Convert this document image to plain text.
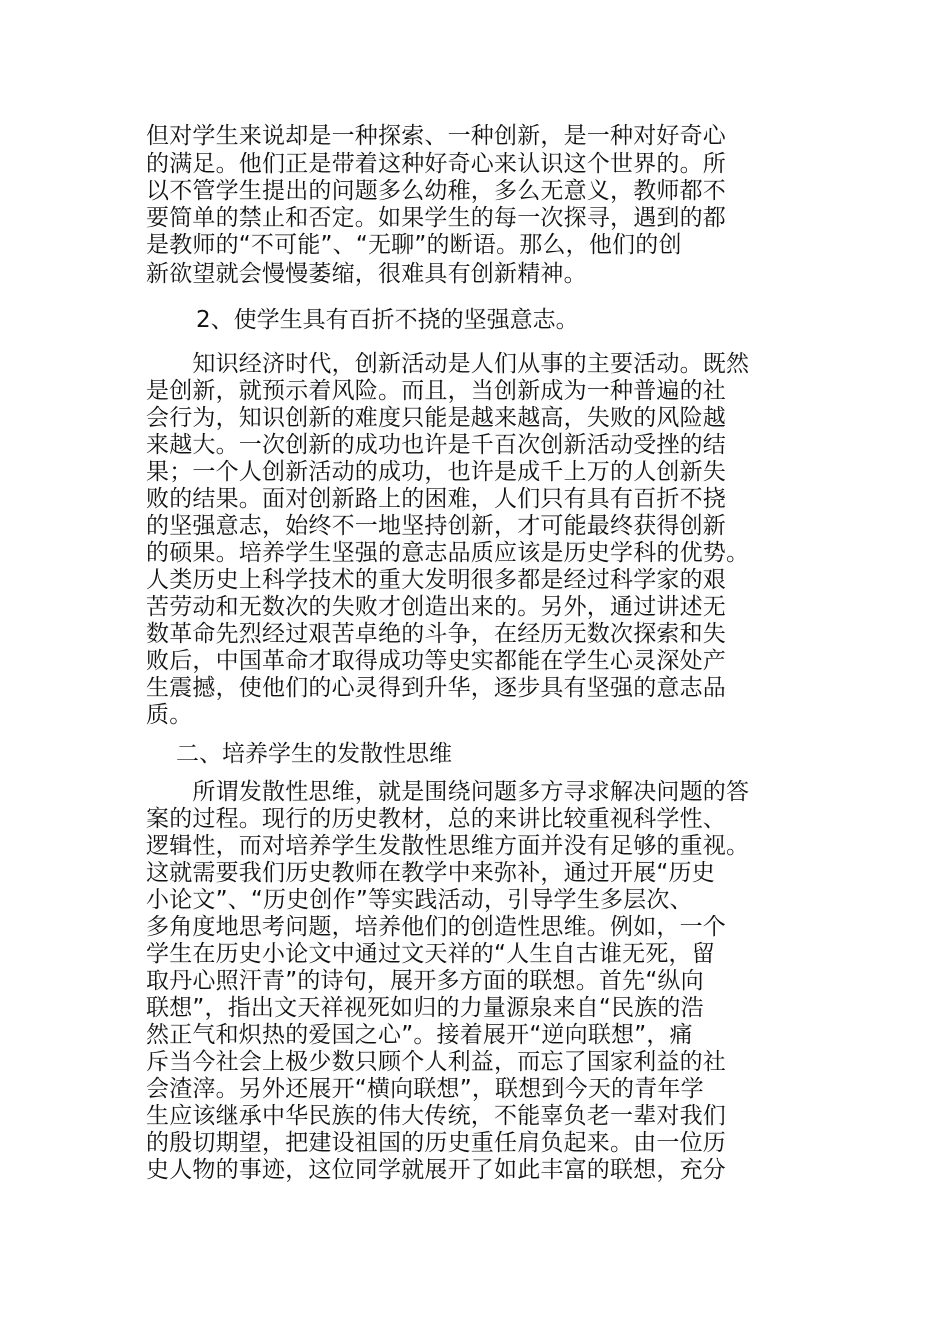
但对学生来说却是一种探索、一种创新，是一种对好奇心
的满足。他们正是带着这种好奇心来认识这个世界的。所
以不管学生提出的问题多么幼稚，多么无意义，教师都不
要简单的禁止和否定。如果学生的每一次探寻，遇到的都
是教师的“不可能”、“无聊”的断语。那么，他们的创
新欲望就会慢慢萎缩，很难具有创新精神。
2、使学生具有百折不挠的坚强意志。
　　知识经济时代，创新活动是人们从事的主要活动。既然
是创新，就预示着风险。而且，当创新成为一种普遍的社
会行为，知识创新的难度只能是越来越高，失败的风险越
来越大。一次创新的成功也许是千百次创新活动受挫的结
果；一个人创新活动的成功，也许是成千上万的人创新失
败的结果。面对创新路上的困难，人们只有具有百折不挠
的坚强意志，始终不一地坚持创新，才可能最终获得创新
的硕果。培养学生坚强的意志品质应该是历史学科的优势。
人类历史上科学技术的重大发明很多都是经过科学家的艰
苦劳动和无数次的失败才创造出来的。另外，通过讲述无
数革命先烈经过艰苦卓绝的斗争，在经历无数次探索和失
败后，中国革命才取得成功等史实都能在学生心灵深处产
生震撼，使他们的心灵得到升华，逐步具有坚强的意志品
质。
二、培养学生的发散性思维
　　所谓发散性思维，就是围绕问题多方寻求解决问题的答
案的过程。现行的历史教材，总的来讲比较重视科学性、
逻辑性，而对培养学生发散性思维方面并没有足够的重视。
这就需要我们历史教师在教学中来弥补，通过开展“历史
小论文”、“历史创作”等实践活动，引导学生多层次、
多角度地思考问题，培养他们的创造性思维。例如，一个
学生在历史小论文中通过文天祥的“人生自古谁无死，留
取丹心照汗青”的诗句，展开多方面的联想。首先“纵向
联想”，指出文天祥视死如归的力量源泉来自“民族的浩
然正气和炽热的爱国之心”。接着展开“逆向联想”，痛
斥当今社会上极少数只顾个人利益，而忘了国家利益的社
会渣滓。另外还展开“横向联想”，联想到今天的青年学
生应该继承中华民族的伟大传统，不能辜负老一辈对我们
的殷切期望，把建设祖国的历史重任肩负起来。由一位历
史人物的事迹，这位同学就展开了如此丰富的联想，充分
